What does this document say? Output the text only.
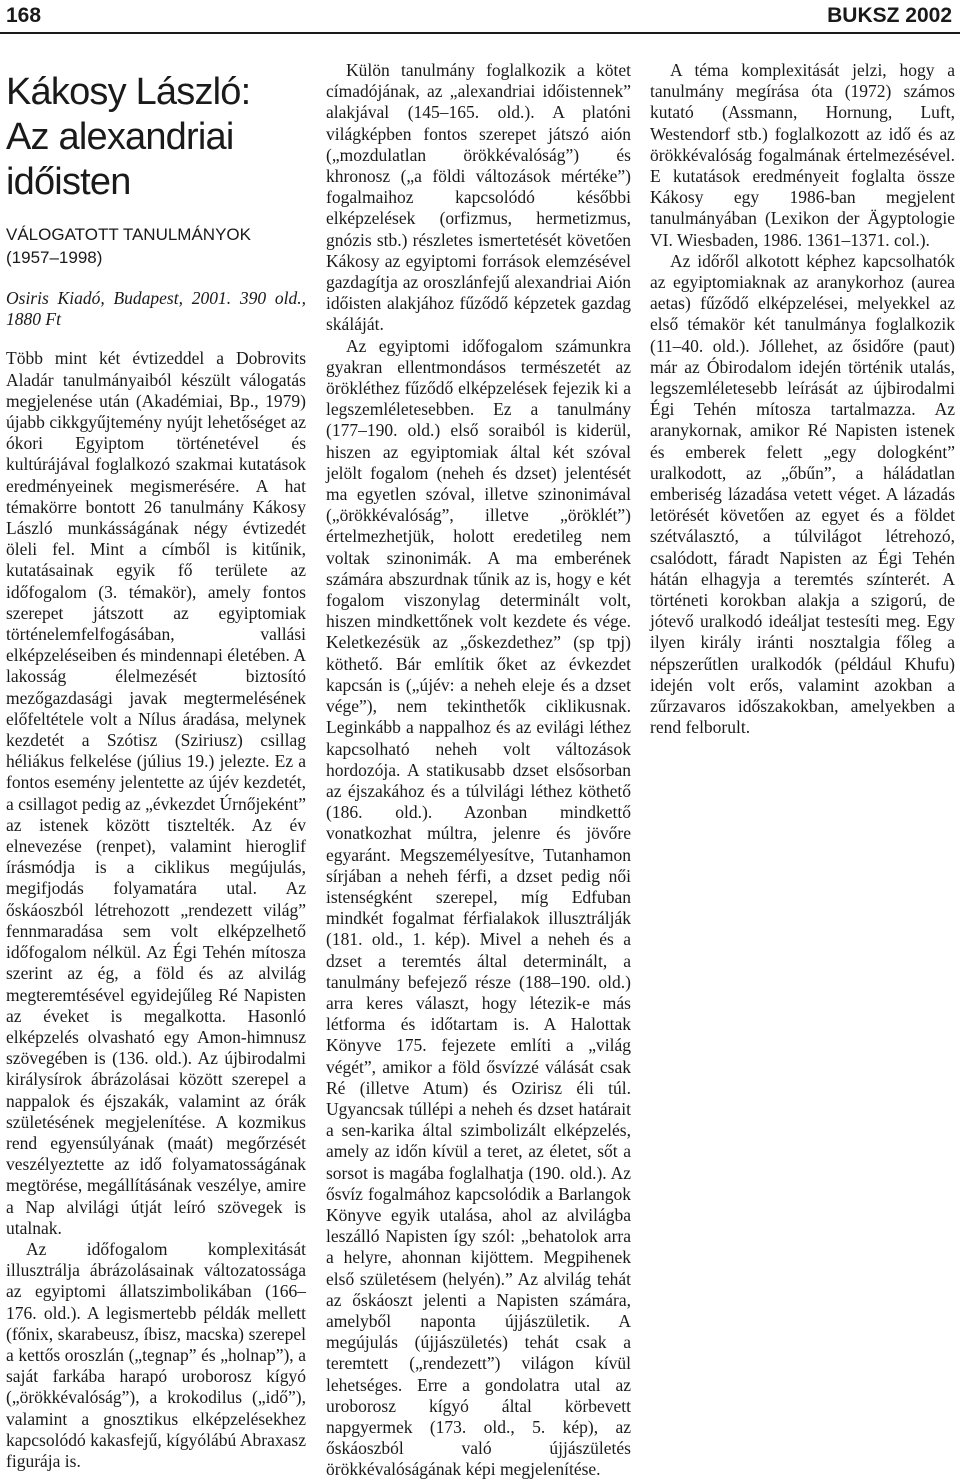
168	BUKSZ 2002
Kákosy László:
Az alexandriai
időisten
VÁLOGATOTT TANULMÁNYOK
(1957–1998)

Osiris Kiadó, Budapest, 2001. 390 old., 1880 Ft

Több mint két évtizeddel a Dobrovits Aladár tanulmányaiból készült válogatás megjelenése után (Akadémiai, Bp., 1979) újabb cikkgyűjtemény nyújt lehetőséget az ókori Egyiptom történetével és kultúrájával foglalkozó szakmai kutatások eredményeinek megismerésére. A hat témakörre bontott 26 tanulmány Kákosy László munkásságának négy évtizedét öleli fel. Mint a címből is kitűnik, kutatásainak egyik fő területe az időfogalom (3. témakör), amely fontos szerepet játszott az egyiptomiak történelemfelfogásában, vallási elképzeléseiben és mindennapi életében. A lakosság élelmezését biztosító mezőgazdasági javak megtermelésének előfeltétele volt a Nílus áradása, melynek kezdetét a Szótisz (Sziriusz) csillag héliákus felkelése (július 19.) jelezte. Ez a fontos esemény jelentette az újév kezdetét, a csillagot pedig az „évkezdet Úrnőjeként” az istenek között tisztelték. Az év elnevezése (renpet), valamint hieroglif írásmódja is a ciklikus megújulás, megifjodás folyamatára utal. Az őskáoszból létrehozott „rendezett világ” fennmaradása sem volt elképzelhető időfogalom nélkül. Az Égi Tehén mítosza szerint az ég, a föld és az alvilág megteremtésével egyidejűleg Ré Napisten az éveket is megalkotta. Hasonló elképzelés olvasható egy Amon-himnusz szövegében is (136. old.). Az újbirodalmi királysírok ábrázolásai között szerepel a nappalok és éjszakák, valamint az órák születésének megjelenítése. A kozmikus rend egyensúlyának (maát) megőrzését veszélyeztette az idő folyamatosságának megtörése, megállításának veszélye, amire a Nap alvilági útját leíró szövegek is utalnak.

Az időfogalom komplexitását illusztrálja ábrázolásainak változatossága az egyiptomi állatszimbolikában (166–176. old.). A legismertebb példák mellett (főnix, skarabeusz, íbisz, macska) szerepel a kettős oroszlán („tegnap” és „holnap”), a saját farkába harapó uroborosz kígyó („örökkévalóság”), a krokodilus („idő”), valamint a gnosztikus elképzelésekhez kapcsolódó kakasfejű, kígyólábú Abraxasz figurája is.

Külön tanulmány foglalkozik a kötet címadójának, az „alexandriai időistennek” alakjával (145–165. old.). A platóni világképben fontos szerepet játszó aión („mozdulatlan örökkévalóság”) és khronosz („a földi változások mértéke”) fogalmaihoz kapcsolódó későbbi elképzelések (orfizmus, hermetizmus, gnózis stb.) részletes ismertetését követően Kákosy az egyiptomi források elemzésével gazdagítja az oroszlánfejű alexandriai Aión időisten alakjához fűződő képzetek gazdag skáláját.

Az egyiptomi időfogalom számunkra gyakran ellentmondásos természetét az örökléthez fűződő elképzelések fejezik ki a legszemléletesebben. Ez a tanulmány (177–190. old.) első soraiból is kiderül, hiszen az egyiptomiak által két szóval jelölt fogalom (neheh és dzset) jelentését ma egyetlen szóval, illetve szinonimával („örökkévalóság”, illetve „öröklét”) értelmezhetjük, holott eredetileg nem voltak szinonimák. A ma emberének számára abszurdnak tűnik az is, hogy e két fogalom viszonylag determinált volt, hiszen mindkettőnek volt kezdete és vége. Keletkezésük az „őskezdethez” (sp tpj) köthető. Bár említik őket az évkezdet kapcsán is („újév: a neheh eleje és a dzset vége”), nem tekinthetők ciklikusnak. Leginkább a nappalhoz és az evilági léthez kapcsolható neheh volt változások hordozója. A statikusabb dzset elsősorban az éjszakához és a túlvilági léthez köthető (186. old.). Azonban mindkettő vonatkozhat múltra, jelenre és jövőre egyaránt. Megszemélyesítve, Tutanhamon sírjában a neheh férfi, a dzset pedig női istenségként szerepel, míg Edfuban mindkét fogalmat férfialakok illusztrálják (181. old., 1. kép). Mivel a neheh és a dzset a teremtés által determinált, a tanulmány befejező része (188–190. old.) arra keres választ, hogy létezik-e más létforma és időtartam is. A Halottak Könyve 175. fejezete említi a „világ végét”, amikor a föld ősvízzé válását csak Ré (illetve Atum) és Ozirisz éli túl. Ugyancsak túllépi a neheh és dzset határait a sen-karika által szimbolizált elképzelés, amely az időn kívül a teret, az életet, sőt a sorsot is magába foglalhatja (190. old.). Az ősvíz fogalmához kapcsolódik a Barlangok Könyve egyik utalása, ahol az alvilágba leszálló Napisten így szól: „behatolok arra a helyre, ahonnan kijöttem. Megpihenek első születésem (helyén).” Az alvilág tehát az őskáoszt jelenti a Napisten számára, amelyből naponta újjászületik. A megújulás (újjászületés) tehát csak a teremtett („rendezett”) világon kívül lehetséges. Erre a gondolatra utal az uroborosz kígyó által körbevett napgyermek (173. old., 5. kép), az őskáoszból való újjászületés örökkévalóságának képi megjelenítése.

A téma komplexitását jelzi, hogy a tanulmány megírása óta (1972) számos kutató (Assmann, Hornung, Luft, Westendorf stb.) foglalkozott az idő és az örökkévalóság fogalmának értelmezésével. E kutatások eredményeit foglalta össze Kákosy egy 1986-ban megjelent tanulmányában (Lexikon der Ägyptologie VI. Wiesbaden, 1986. 1361–1371. col.).

Az időről alkotott képhez kapcsolhatók az egyiptomiaknak az aranykorhoz (aurea aetas) fűződő elképzelései, melyekkel az első témakör két tanulmánya foglalkozik (11–40. old.). Jóllehet, az ősidőre (paut) már az Óbirodalom idején történik utalás, legszemléletesebb leírását az újbirodalmi Égi Tehén mítosza tartalmazza. Az aranykornak, amikor Ré Napisten istenek és emberek felett „egy dologként” uralkodott, az „őbűn”, a háládatlan emberiség lázadása vetett véget. A lázadás letörését követően az egyet és a földet szétválasztó, a túlvilágot létrehozó, csalódott, fáradt Napisten az Égi Tehén hátán elhagyja a teremtés színterét. A történeti korokban alakja a szigorú, de jótevő uralkodó ideáljat testesíti meg. Egy ilyen király iránti nosztalgia főleg a népszerűtlen uralkodók (például Khufu) idején volt erős, valamint azokban a zűrzavaros időszakokban, amelyekben a rend felborult.
